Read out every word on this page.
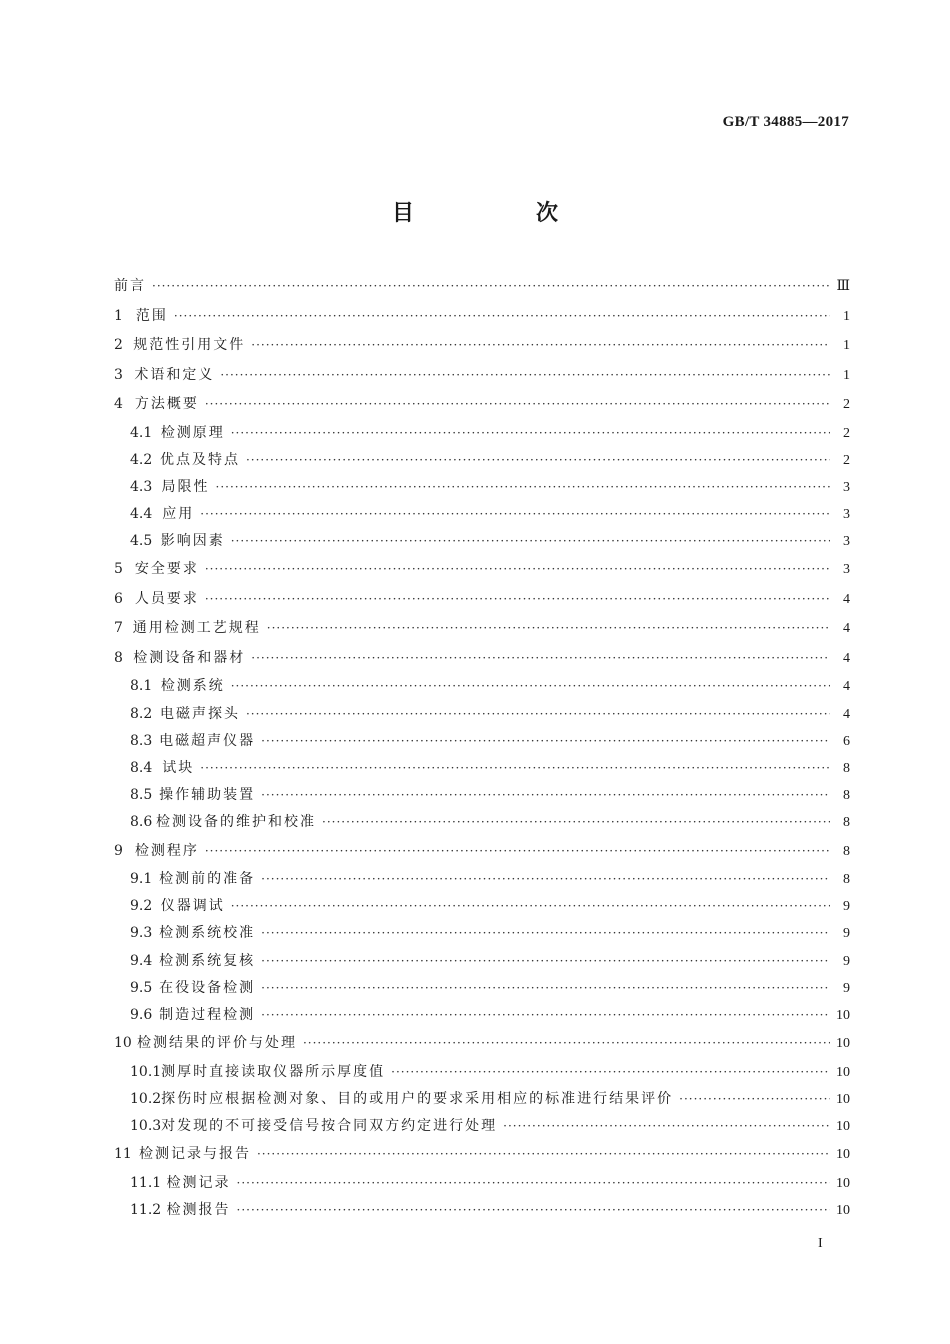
GB/T 34885—2017
目　次
前言 ·····	Ⅲ
1 范围 ·····	1
2 规范性引用文件 ·····	1
3 术语和定义 ·····	1
4 方法概要 ·····	2
4.1 检测原理 ·····	2
4.2 优点及特点 ·····	2
4.3 局限性 ·····	3
4.4 应用 ·····	3
4.5 影响因素 ·····	3
5 安全要求 ·····	3
6 人员要求 ·····	4
7 通用检测工艺规程 ·····	4
8 检测设备和器材 ·····	4
8.1 检测系统 ·····	4
8.2 电磁声探头 ·····	4
8.3 电磁超声仪器 ·····	6
8.4 试块 ·····	8
8.5 操作辅助装置 ·····	8
8.6 检测设备的维护和校准 ·····	8
9 检测程序 ·····	8
9.1 检测前的准备 ·····	8
9.2 仪器调试 ·····	9
9.3 检测系统校准 ·····	9
9.4 检测系统复核 ·····	9
9.5 在役设备检测 ·····	9
9.6 制造过程检测 ·····	10
10 检测结果的评价与处理 ·····	10
10.1 测厚时直接读取仪器所示厚度值 ·····	10
10.2 探伤时应根据检测对象、目的或用户的要求采用相应的标准进行结果评价 ·····	10
10.3 对发现的不可接受信号按合同双方约定进行处理 ·····	10
11 检测记录与报告 ·····	10
11.1 检测记录 ·····	10
11.2 检测报告 ·····	10
I
